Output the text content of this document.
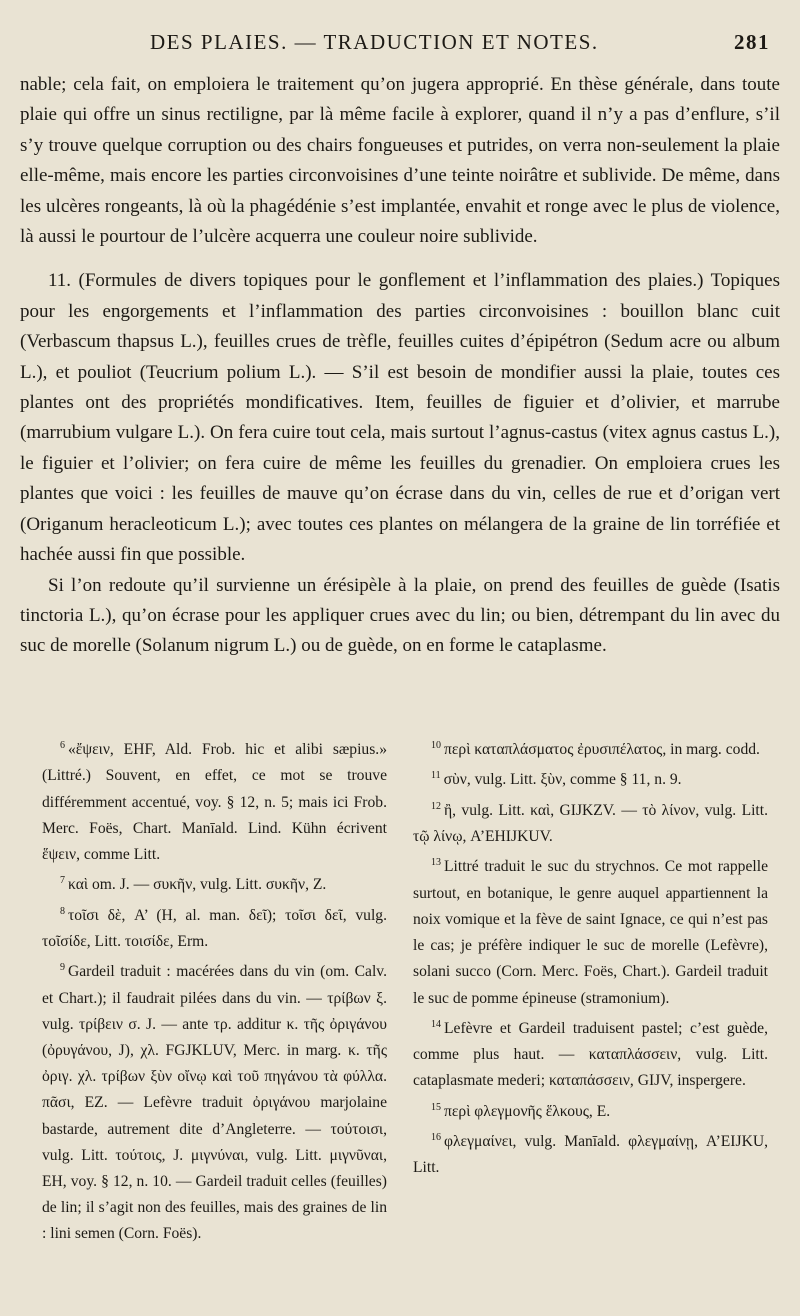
DES PLAIES. — TRADUCTION ET NOTES.	281

nable; cela fait, on emploiera le traitement qu’on jugera approprié. En thèse générale, dans toute plaie qui offre un sinus rectiligne, par là même facile à explorer, quand il n’y a pas d’enflure, s’il s’y trouve quelque corruption ou des chairs fongueuses et putrides, on verra non-seulement la plaie elle-même, mais encore les parties circonvoisines d’une teinte noirâtre et sublivide. De même, dans les ulcères rongeants, là où la phagédénie s’est implantée, envahit et ronge avec le plus de violence, là aussi le pourtour de l’ulcère acquerra une couleur noire sublivide.

11. (Formules de divers topiques pour le gonflement et l’inflammation des plaies.) Topiques pour les engorgements et l’inflammation des parties circonvoisines : bouillon blanc cuit (Verbascum thapsus L.), feuilles crues de trèfle, feuilles cuites d’épipétron (Sedum acre ou album L.), et pouliot (Teucrium polium L.). — S’il est besoin de mondifier aussi la plaie, toutes ces plantes ont des propriétés mondificatives. Item, feuilles de figuier et d’olivier, et marrube (marrubium vulgare L.). On fera cuire tout cela, mais surtout l’agnus-castus (vitex agnus castus L.), le figuier et l’olivier; on fera cuire de même les feuilles du grenadier. On emploiera crues les plantes que voici : les feuilles de mauve qu’on écrase dans du vin, celles de rue et d’origan vert (Origanum heracleoticum L.); avec toutes ces plantes on mélangera de la graine de lin torréfiée et hachée aussi fin que possible.

Si l’on redoute qu’il survienne un érésipèle à la plaie, on prend des feuilles de guède (Isatis tinctoria L.), qu’on écrase pour les appliquer crues avec du lin; ou bien, détrempant du lin avec du suc de morelle (Solanum nigrum L.) ou de guède, on en forme le cataplasme.

$^6$ «ἔψειν, EHF, Ald. Frob. hic et alibi sæpius.» (Littré.) Souvent, en effet, ce mot se trouve différemment accentué, voy. § 12, n. 5; mais ici Frob. Merc. Foës, Chart. Manīald. Lind. Kühn écrivent ἕψειν, comme Litt.

$^7$ καὶ om. J. — συκῆν, vulg. Litt. συκῆν, Z.

$^8$ τοῖσι δὲ, A’ (H, al. man. δεῖ); τοῖσι δεῖ, vulg. τοῖσίδε, Litt. τοισίδε, Erm.

$^9$ Gardeil traduit : macérées dans du vin (om. Calv. et Chart.); il faudrait pilées dans du vin. — τρίβων ξ. vulg. τρίβειν σ. J. — ante τρ. additur κ. τῆς ὀριγάνου (ὀρυγάνου, J), χλ. FGJKLUV, Merc. in marg. κ. τῆς ὀριγ. χλ. τρίβων ξὺν οἴνῳ καὶ τοῦ πηγάνου τὰ φύλλα. πᾶσι, EZ. — Lefèvre traduit ὀριγάνου marjolaine bastarde, autrement dite d’Angleterre. — τούτοισι, vulg. Litt. τούτοις, J. μιγνύναι, vulg. Litt. μιγνῦναι, EH, voy. § 12, n. 10. — Gardeil traduit celles (feuilles) de lin; il s’agit non des feuilles, mais des graines de lin : lini semen (Corn. Foës).

$^{10}$ περὶ καταπλάσματος ἐρυσιπέλατος, in marg. codd.

$^{11}$ σὺν, vulg. Litt. ξὺν, comme § 11, n. 9.

$^{12}$ ἢ, vulg. Litt. καὶ, GIJKZV. — τὸ λίνον, vulg. Litt. τῷ λίνῳ, A’EHIJKUV.

$^{13}$ Littré traduit le suc du strychnos. Ce mot rappelle surtout, en botanique, le genre auquel appartiennent la noix vomique et la fève de saint Ignace, ce qui n’est pas le cas; je préfère indiquer le suc de morelle (Lefèvre), solani succo (Corn. Merc. Foës, Chart.). Gardeil traduit le suc de pomme épineuse (stramonium).

$^{14}$ Lefèvre et Gardeil traduisent pastel; c’est guède, comme plus haut. — καταπλάσσειν, vulg. Litt. cataplasmate mederi; καταπάσσειν, GIJV, inspergere.

$^{15}$ περὶ φλεγμονῆς ἕλκους, E.

$^{16}$ φλεγμαίνει, vulg. Manīald. φλεγμαίνῃ, A’EIJKU, Litt.
